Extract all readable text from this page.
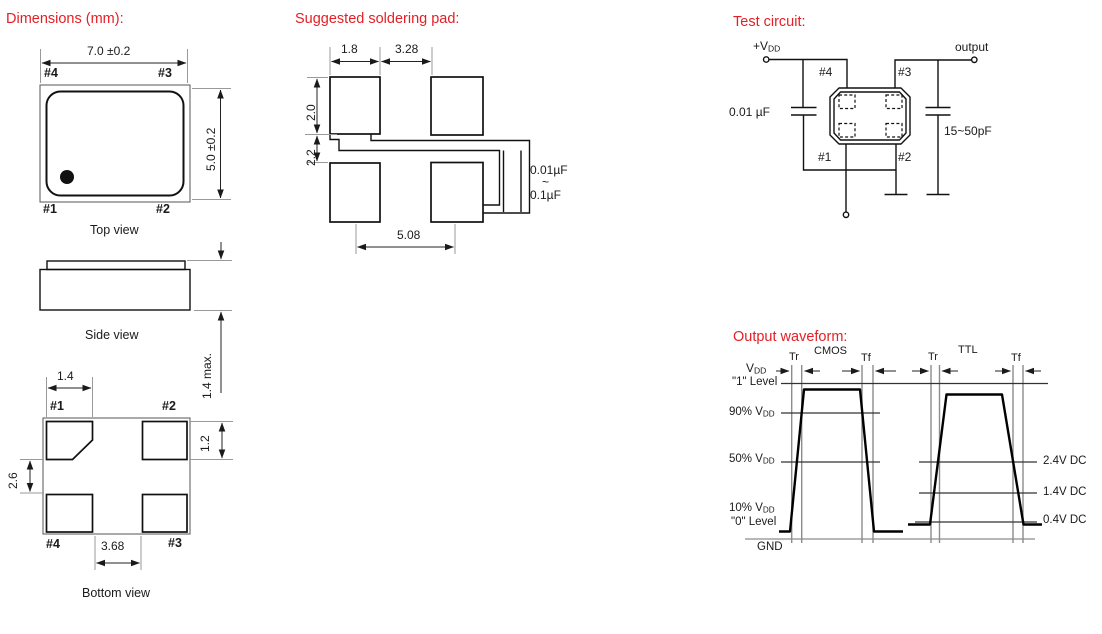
Dimensions (mm):	Suggested soldering pad:	Test circuit:
Output waveform:
7.0 ±0.2
#4	#3
#1	#2
Top view
5.0 ±0.2
Side view
1.4 max.
1.4
#1	#2
2.6
1.2
#4	#3
3.68
Bottom view
1.8	3.28
2.0
2.2
0.01µF
~
0.1µF
5.08
$+V_{DD}$	output
0.01 µF
15~50pF
#4	#3
#1	#2
CMOS	TTL
Tr	Tf	Tr	Tf
$V_{DD}$
"1" Level
90% $V_{DD}$
50% $V_{DD}$
10% $V_{DD}$
"0" Level
GND
2.4V DC
1.4V DC
0.4V DC
